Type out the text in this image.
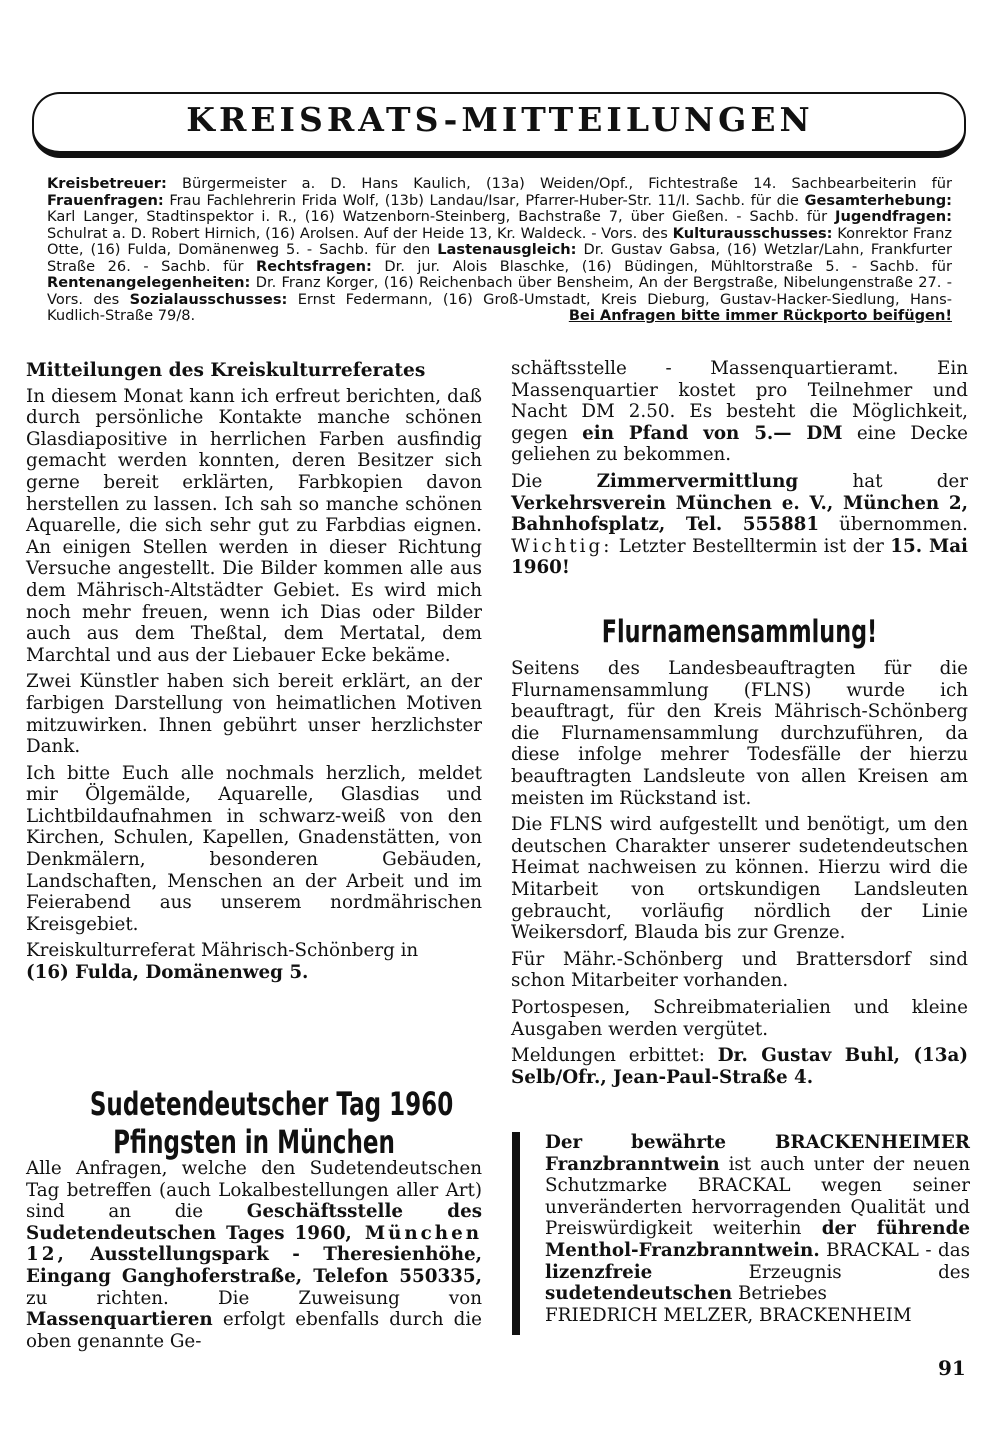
KREISRATS-MITTEILUNGEN
Kreisbetreuer: Bürgermeister a. D. Hans Kaulich, (13a) Weiden/Opf., Fichtestraße 14. Sachbearbeiterin für Frauenfragen: Frau Fachlehrerin Frida Wolf, (13b) Landau/Isar, Pfarrer-Huber-Str. 11/I. Sachb. für die Gesamterhebung: Karl Langer, Stadtinspektor i. R., (16) Watzenborn-Steinberg, Bachstraße 7, über Gießen. - Sachb. für Jugendfragen: Schulrat a. D. Robert Hirnich, (16) Arolsen. Auf der Heide 13, Kr. Waldeck. - Vors. des Kulturausschusses: Konrektor Franz Otte, (16) Fulda, Domänenweg 5. - Sachb. für den Lastenausgleich: Dr. Gustav Gabsa, (16) Wetzlar/Lahn, Frankfurter Straße 26. - Sachb. für Rechtsfragen: Dr. jur. Alois Blaschke, (16) Büdingen, Mühltorstraße 5. - Sachb. für Rentenangelegenheiten: Dr. Franz Korger, (16) Reichenbach über Bensheim, An der Bergstraße, Nibelungenstraße 27. - Vors. des Sozialausschusses: Ernst Federmann, (16) Groß-Umstadt, Kreis Dieburg, Gustav-Hacker-Siedlung, Hans-Kudlich-Straße 79/8.	Bei Anfragen bitte immer Rückporto beifügen!
Mitteilungen des Kreiskulturreferates

In diesem Monat kann ich erfreut berichten, daß durch persönliche Kontakte manche schönen Glasdiapositive in herrlichen Farben ausfindig gemacht werden konnten, deren Besitzer sich gerne bereit erklärten, Farbkopien davon herstellen zu lassen. Ich sah so manche schönen Aquarelle, die sich sehr gut zu Farbdias eignen. An einigen Stellen werden in dieser Richtung Versuche angestellt. Die Bilder kommen alle aus dem Mährisch-Altstädter Gebiet. Es wird mich noch mehr freuen, wenn ich Dias oder Bilder auch aus dem Theßtal, dem Mertatal, dem Marchtal und aus der Liebauer Ecke bekäme.

Zwei Künstler haben sich bereit erklärt, an der farbigen Darstellung von heimatlichen Motiven mitzuwirken. Ihnen gebührt unser herzlichster Dank.

Ich bitte Euch alle nochmals herzlich, meldet mir Ölgemälde, Aquarelle, Glasdias und Lichtbildaufnahmen in schwarz-weiß von den Kirchen, Schulen, Kapellen, Gnadenstätten, von Denkmälern, besonderen Gebäuden, Landschaften, Menschen an der Arbeit und im Feierabend aus unserem nordmährischen Kreisgebiet.

Kreiskulturreferat Mährisch-Schönberg in
(16) Fulda, Domänenweg 5.

Sudetendeutscher Tag 1960
Pfingsten in München

Alle Anfragen, welche den Sudetendeutschen Tag betreffen (auch Lokalbestellungen aller Art) sind an die Geschäftsstelle des Sudetendeutschen Tages 1960, München 12, Ausstellungspark - Theresienhöhe, Eingang Ganghoferstraße, Telefon 550335, zu richten. Die Zuweisung von Massenquartieren erfolgt ebenfalls durch die oben genannte Ge-

schäftsstelle - Massenquartieramt. Ein Massenquartier kostet pro Teilnehmer und Nacht DM 2.50. Es besteht die Möglichkeit, gegen ein Pfand von 5.— DM eine Decke geliehen zu bekommen.

Die Zimmervermittlung hat der Verkehrsverein München e. V., München 2, Bahnhofsplatz, Tel. 555881 übernommen. Wichtig: Letzter Bestelltermin ist der 15. Mai 1960!

Flurnamensammlung!

Seitens des Landesbeauftragten für die Flurnamensammlung (FLNS) wurde ich beauftragt, für den Kreis Mährisch-Schönberg die Flurnamensammlung durchzuführen, da diese infolge mehrer Todesfälle der hierzu beauftragten Landsleute von allen Kreisen am meisten im Rückstand ist.

Die FLNS wird aufgestellt und benötigt, um den deutschen Charakter unserer sudetendeutschen Heimat nachweisen zu können. Hierzu wird die Mitarbeit von ortskundigen Landsleuten gebraucht, vorläufig nördlich der Linie Weikersdorf, Blauda bis zur Grenze.

Für Mähr.-Schönberg und Brattersdorf sind schon Mitarbeiter vorhanden.

Portospesen, Schreibmaterialien und kleine Ausgaben werden vergütet.

Meldungen erbittet: Dr. Gustav Buhl, (13a) Selb/Ofr., Jean-Paul-Straße 4.

Der bewährte BRACKENHEIMER Franzbranntwein ist auch unter der neuen Schutzmarke BRACKAL wegen seiner unveränderten hervorragenden Qualität und Preiswürdigkeit weiterhin der führende Menthol-Franzbranntwein. BRACKAL - das lizenzfreie Erzeugnis des sudetendeutschen Betriebes
FRIEDRICH MELZER, BRACKENHEIM
91
